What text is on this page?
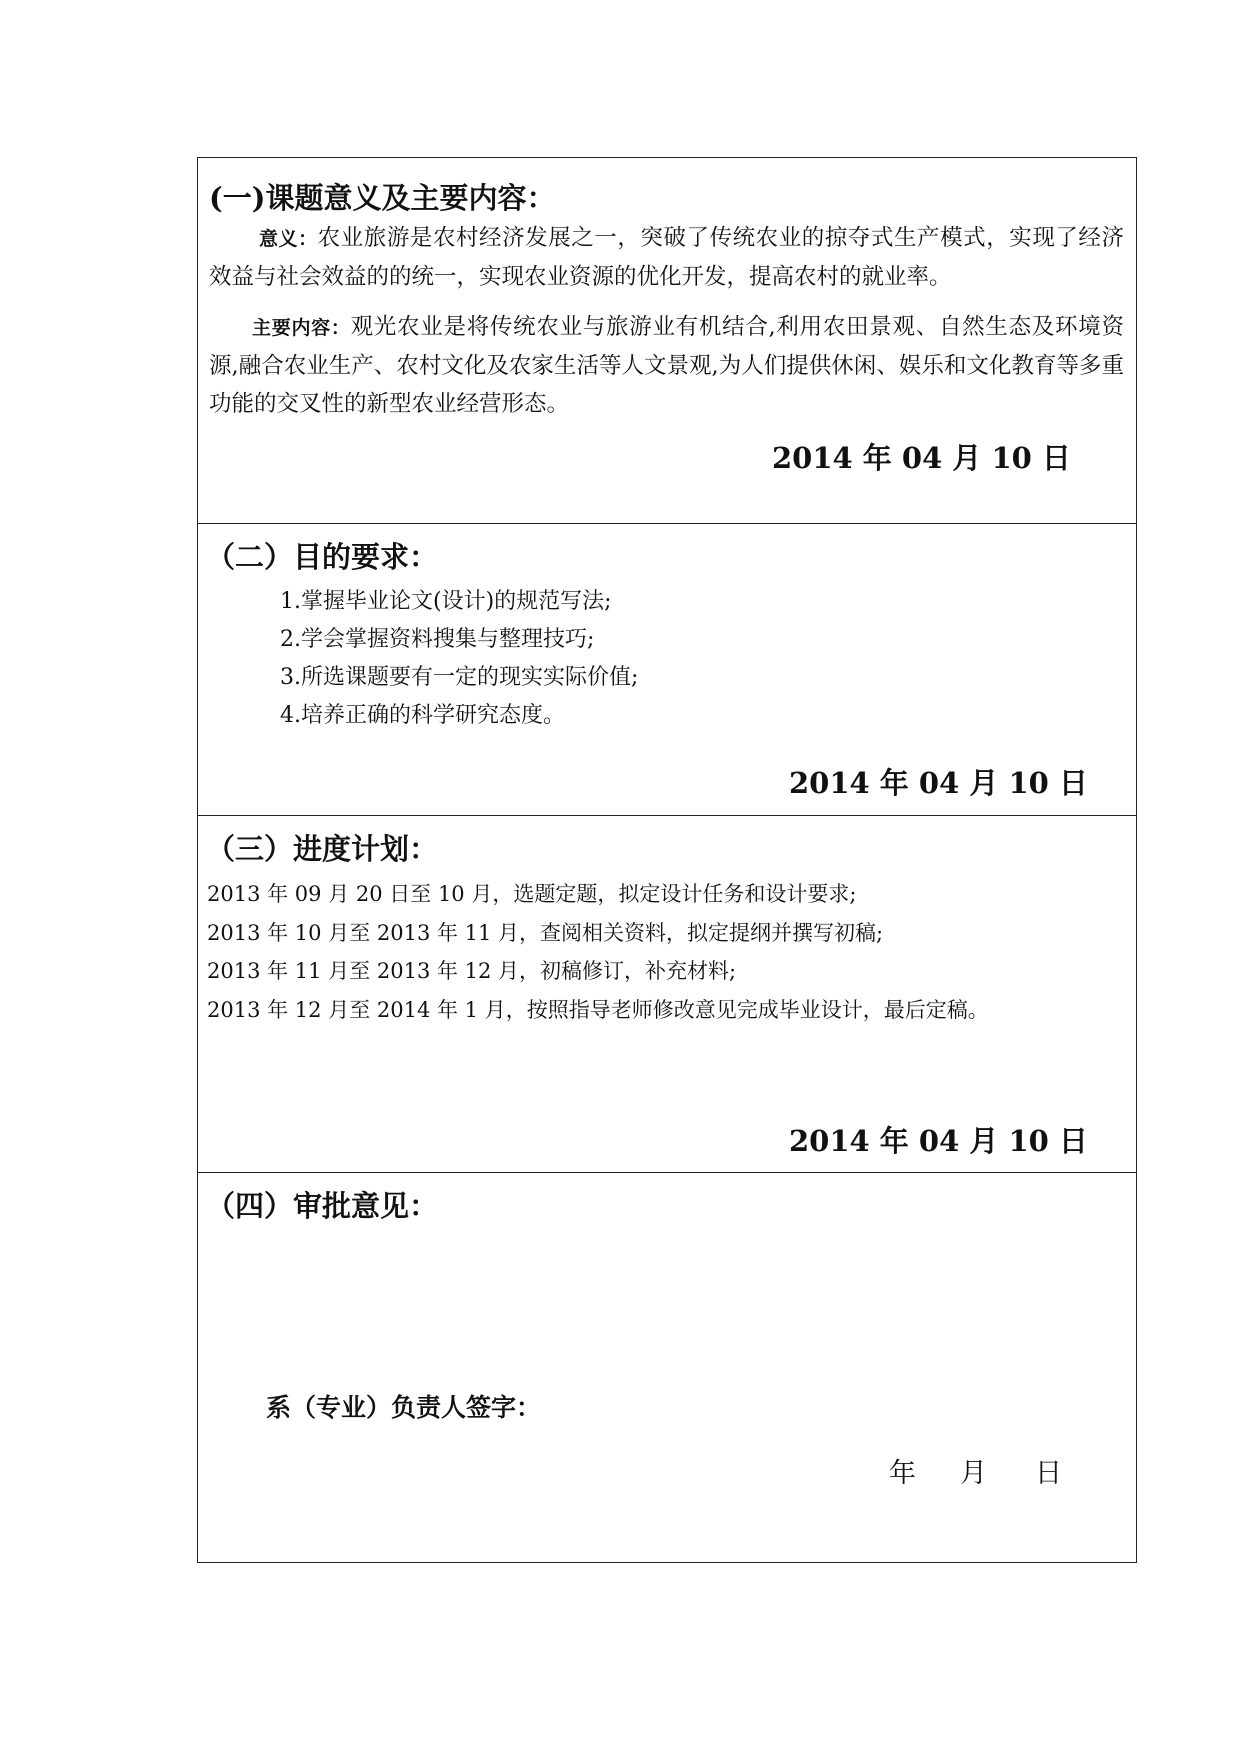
(一)课题意义及主要内容：
意义：农业旅游是农村经济发展之一，突破了传统农业的掠夺式生产模式，实现了经济效益与社会效益的的统一，实现农业资源的优化开发，提高农村的就业率。
主要内容：观光农业是将传统农业与旅游业有机结合,利用农田景观、自然生态及环境资源,融合农业生产、农村文化及农家生活等人文景观,为人们提供休闲、娱乐和文化教育等多重功能的交叉性的新型农业经营形态。
2014 年 04 月 10 日
（二）目的要求：
1.掌握毕业论文(设计)的规范写法;
2.学会掌握资料搜集与整理技巧;
3.所选课题要有一定的现实实际价值;
4.培养正确的科学研究态度。
2014 年 04 月 10 日
（三）进度计划：
2013 年 09 月 20 日至 10 月，选题定题，拟定设计任务和设计要求;
2013 年 10 月至 2013 年 11 月，查阅相关资料，拟定提纲并撰写初稿;
2013 年 11 月至 2013 年 12 月，初稿修订，补充材料;
2013 年 12 月至 2014 年 1 月，按照指导老师修改意见完成毕业设计，最后定稿。
2014 年 04 月 10 日
（四）审批意见：
系（专业）负责人签字：
年 月 日
